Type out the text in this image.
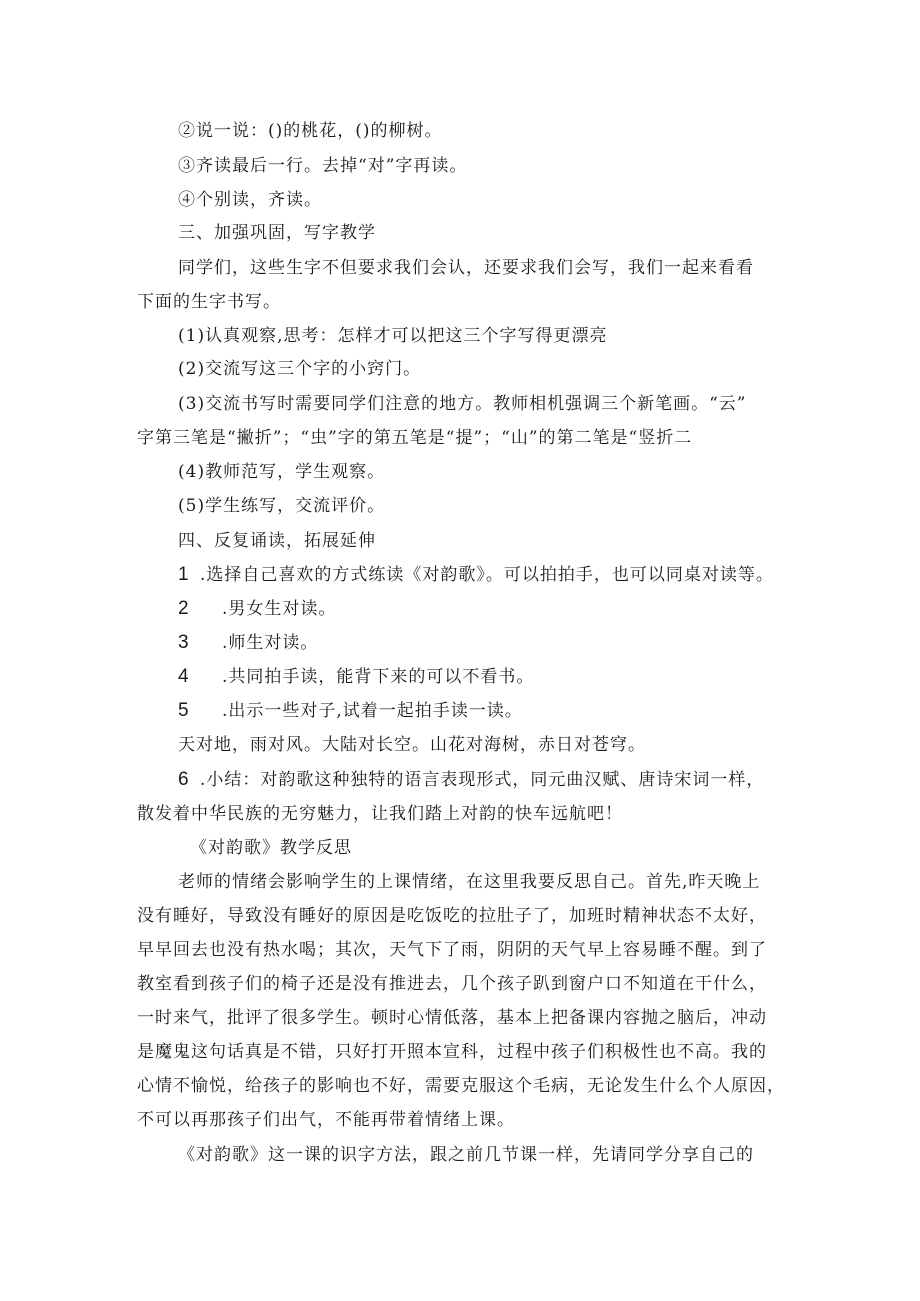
②说一说：()的桃花，()的柳树。
③齐读最后一行。去掉“对”字再读。
④个别读，齐读。
三、加强巩固，写字教学
同学们，这些生字不但要求我们会认，还要求我们会写，我们一起来看看
下面的生字书写。
(1)认真观察,思考：怎样才可以把这三个字写得更漂亮
(2)交流写这三个字的小窍门。
(3)交流书写时需要同学们注意的地方。教师相机强调三个新笔画。“云”
字第三笔是“撇折”；“虫”字的第五笔是“提”；“山”的第二笔是“竖折二
(4)教师范写，学生观察。
(5)学生练写，交流评价。
四、反复诵读，拓展延伸
1 .选择自己喜欢的方式练读《对韵歌》。可以拍拍手，也可以同桌对读等。
2 .男女生对读。
3 .师生对读。
4 .共同拍手读，能背下来的可以不看书。
5 .出示一些对子,试着一起拍手读一读。
天对地，雨对风。大陆对长空。山花对海树，赤日对苍穹。
6 .小结：对韵歌这种独特的语言表现形式，同元曲汉赋、唐诗宋词一样，
散发着中华民族的无穷魅力，让我们踏上对韵的快车远航吧！
《对韵歌》教学反思
老师的情绪会影响学生的上课情绪，在这里我要反思自己。首先,昨天晚上
没有睡好，导致没有睡好的原因是吃饭吃的拉肚子了，加班时精神状态不太好，
早早回去也没有热水喝；其次，天气下了雨，阴阴的天气早上容易睡不醒。到了
教室看到孩子们的椅子还是没有推进去，几个孩子趴到窗户口不知道在干什么，
一时来气，批评了很多学生。顿时心情低落，基本上把备课内容抛之脑后，冲动
是魔鬼这句话真是不错，只好打开照本宣科，过程中孩子们积极性也不高。我的
心情不愉悦，给孩子的影响也不好，需要克服这个毛病，无论发生什么个人原因，
不可以再那孩子们出气，不能再带着情绪上课。
《对韵歌》这一课的识字方法，跟之前几节课一样，先请同学分享自己的
